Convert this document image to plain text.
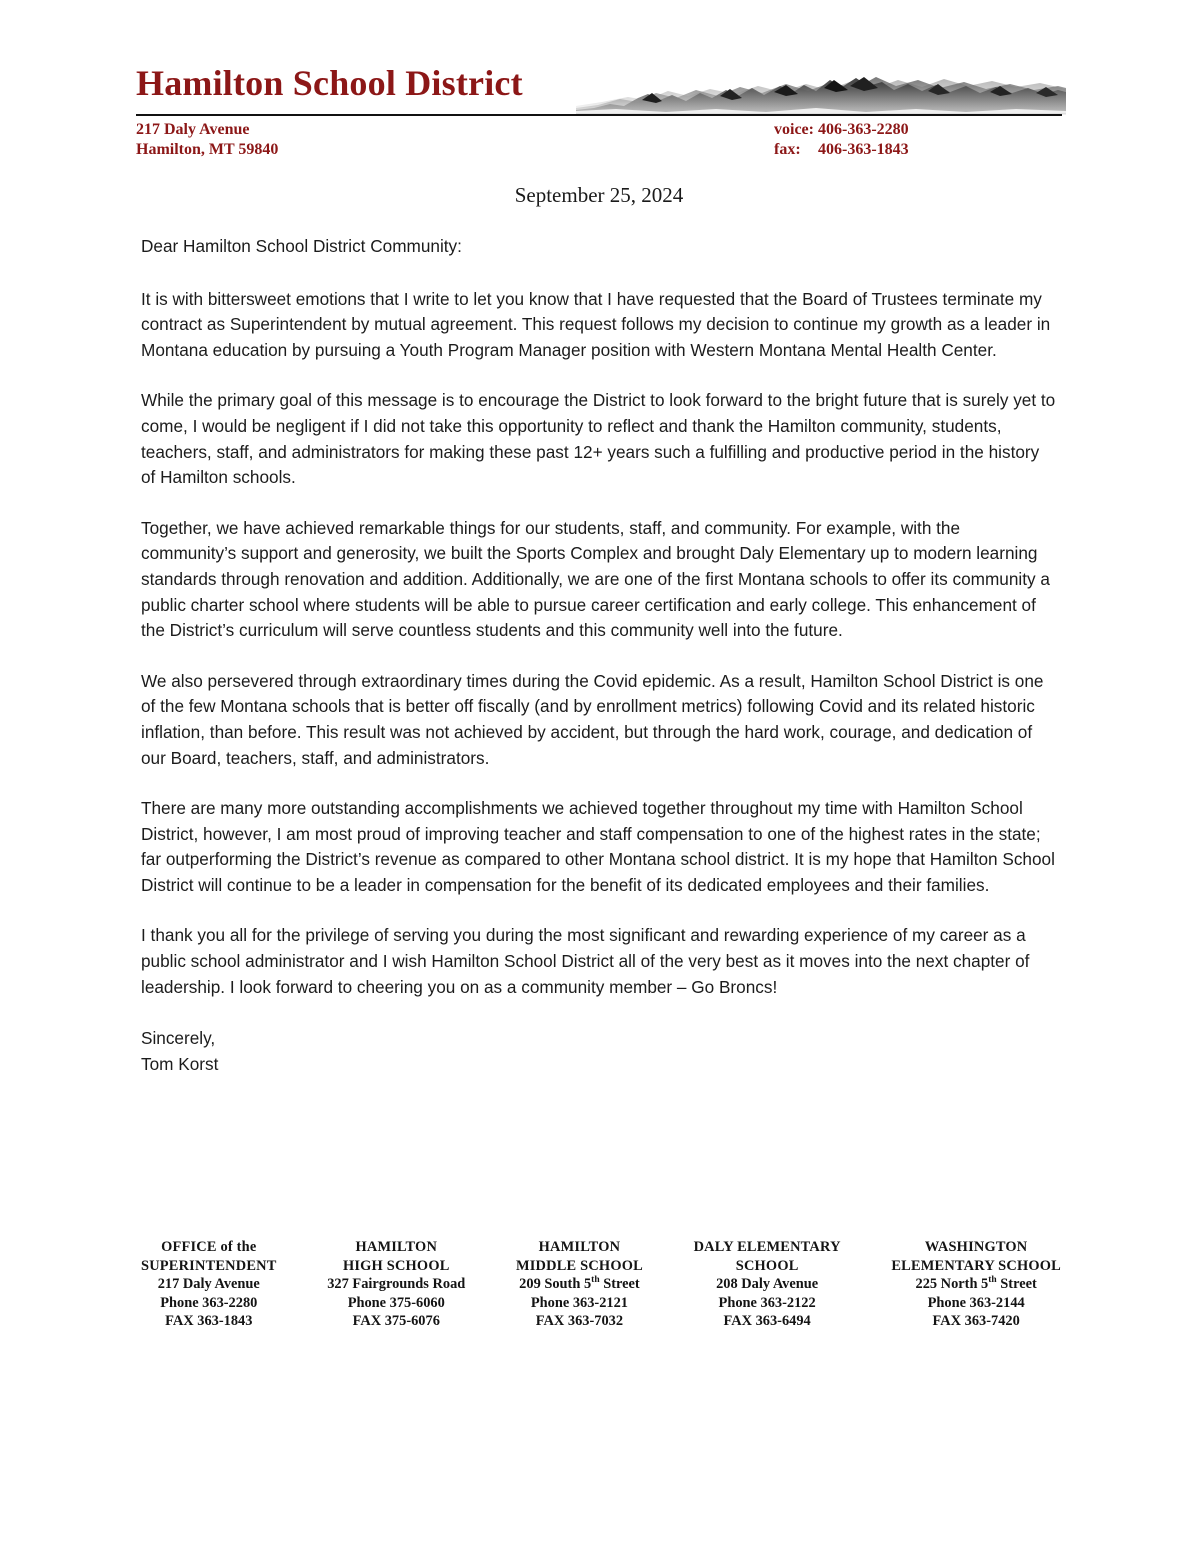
Hamilton School District
217 Daly Avenue
Hamilton, MT 59840
voice: 406-363-2280
fax: 406-363-1843
September 25, 2024

Dear Hamilton School District Community:

It is with bittersweet emotions that I write to let you know that I have requested that the Board of Trustees terminate my contract as Superintendent by mutual agreement. This request follows my decision to continue my growth as a leader in Montana education by pursuing a Youth Program Manager position with Western Montana Mental Health Center.

While the primary goal of this message is to encourage the District to look forward to the bright future that is surely yet to come, I would be negligent if I did not take this opportunity to reflect and thank the Hamilton community, students, teachers, staff, and administrators for making these past 12+ years such a fulfilling and productive period in the history of Hamilton schools.

Together, we have achieved remarkable things for our students, staff, and community. For example, with the community’s support and generosity, we built the Sports Complex and brought Daly Elementary up to modern learning standards through renovation and addition. Additionally, we are one of the first Montana schools to offer its community a public charter school where students will be able to pursue career certification and early college. This enhancement of the District’s curriculum will serve countless students and this community well into the future.

We also persevered through extraordinary times during the Covid epidemic. As a result, Hamilton School District is one of the few Montana schools that is better off fiscally (and by enrollment metrics) following Covid and its related historic inflation, than before. This result was not achieved by accident, but through the hard work, courage, and dedication of our Board, teachers, staff, and administrators.

There are many more outstanding accomplishments we achieved together throughout my time with Hamilton School District, however, I am most proud of improving teacher and staff compensation to one of the highest rates in the state; far outperforming the District’s revenue as compared to other Montana school district. It is my hope that Hamilton School District will continue to be a leader in compensation for the benefit of its dedicated employees and their families.

I thank you all for the privilege of serving you during the most significant and rewarding experience of my career as a public school administrator and I wish Hamilton School District all of the very best as it moves into the next chapter of leadership. I look forward to cheering you on as a community member – Go Broncs!

Sincerely,
Tom Korst
OFFICE of the
SUPERINTENDENT
217 Daly Avenue
Phone 363-2280
FAX 363-1843
HAMILTON
HIGH SCHOOL
327 Fairgrounds Road
Phone 375-6060
FAX 375-6076
HAMILTON
MIDDLE SCHOOL
209 South 5th Street
Phone 363-2121
FAX 363-7032
DALY ELEMENTARY
SCHOOL
208 Daly Avenue
Phone 363-2122
FAX 363-6494
WASHINGTON
ELEMENTARY SCHOOL
225 North 5th Street
Phone 363-2144
FAX 363-7420
